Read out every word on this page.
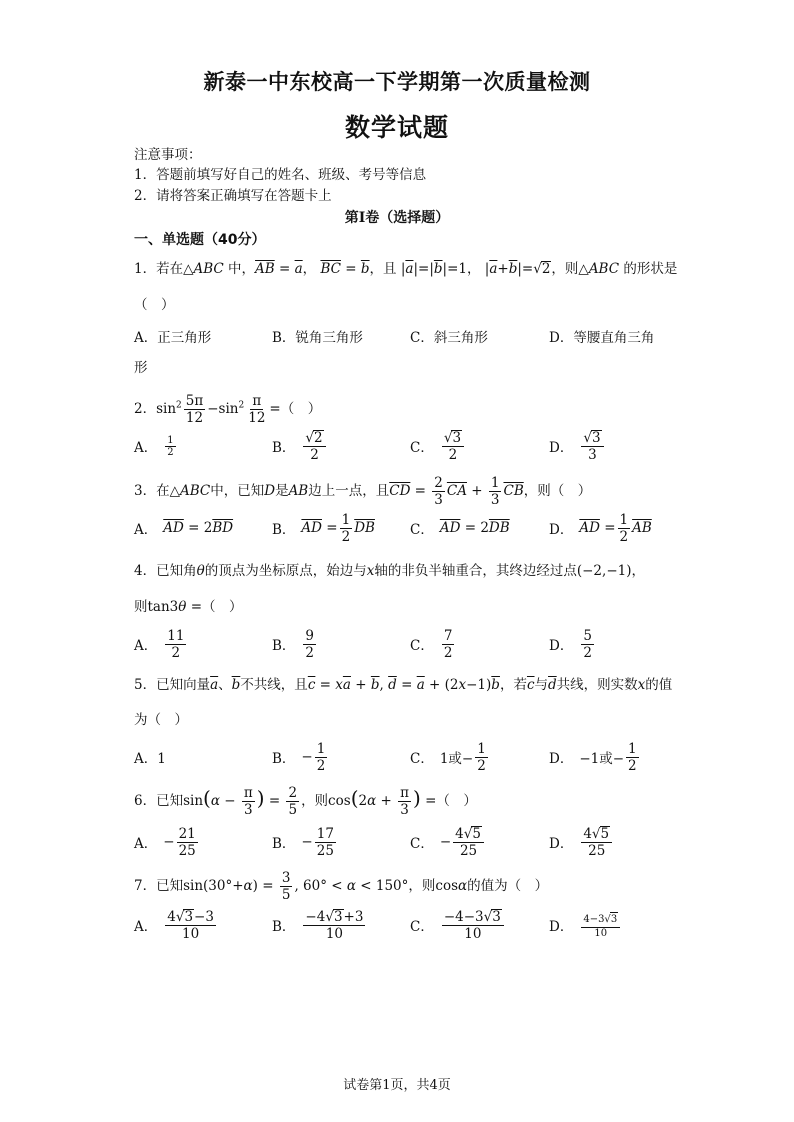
新泰一中东校高一下学期第一次质量检测
数学试题
注意事项：
1．答题前填写好自己的姓名、班级、考号等信息
2．请将答案正确填写在答题卡上
第Ⅰ卷（选择题）
一、单选题（40分）
1．若在△ABC 中，$\overline{AB} = \overline{a}$， $\overline{BC} = \overline{b}$，且 $|\overline{a}|=|\overline{b}|=1$， $|\overline{a}+\overline{b}|=√2$，则△ABC 的形状是
（　）
A．正三角形	B．锐角三角形	C．斜三角形	D．等腰直角三角
形
2．$\sin^2 \frac{5\pi}{12} -\sin^2 \frac{\pi}{12}$ =（　）
A． $\frac{1}{2}$	B． $\frac{√2}{2}$	C． $\frac{√3}{2}$	D． $\frac{√3}{3}$
3．在△ABC中，已知D是AB边上一点，且$\overline{CD} = \frac{2}{3} \overline{CA} + \frac{1}{3} \overline{CB}$，则（　）
A． $\overline{AD} = 2$ $\overline{BD}$	B． $\overline{AD} = \frac{1}{2} \overline{DB}$	C． $\overline{AD} = 2$ $\overline{DB}$	D． $\overline{AD} = \frac{1}{2} \overline{AB}$
4．已知角θ的顶点为坐标原点，始边与x轴的非负半轴重合，其终边经过点(−2,−1)，
则tan3θ =（　）
A． $\frac{11}{2}$	B． $\frac{9}{2}$	C． $\frac{7}{2}$	D． $\frac{5}{2}$
5．已知向量$\overline{a}$、$\overline{b}$不共线，且$\overline{c} = x\overline{a} + \overline{b}$, $\overline{d} = \overline{a} + (2x-1)\overline{b}$，若$\overline{c}$与$\overline{d}$共线，则实数x的值
为（　）
A．1	B． − $\frac{1}{2}$	C． 1或− $\frac{1}{2}$	D． −1或− $\frac{1}{2}$
6．已知$\sin(\alpha - \frac{\pi}{3}$ ) = $\frac{2}{5}$ ，则$\cos(2\alpha + \frac{\pi}{3}$ ) =（　）
A． − $\frac{21}{25}$	B． − $\frac{17}{25}$	C． − $\frac{4√5}{25}$	D． $\frac{4√5}{25}$
7．已知$\sin(30^\circ+\alpha) = \frac{3}{5}$ , 60° < α < 150°，则cosα的值为（　）
A． $\frac{4√3-3}{10}$	B． $\frac{-4√3+3}{10}$	C． $\frac{-4-3√3}{10}$	D． $\frac{4-3√3}{10}$
试卷第1页，共4页
